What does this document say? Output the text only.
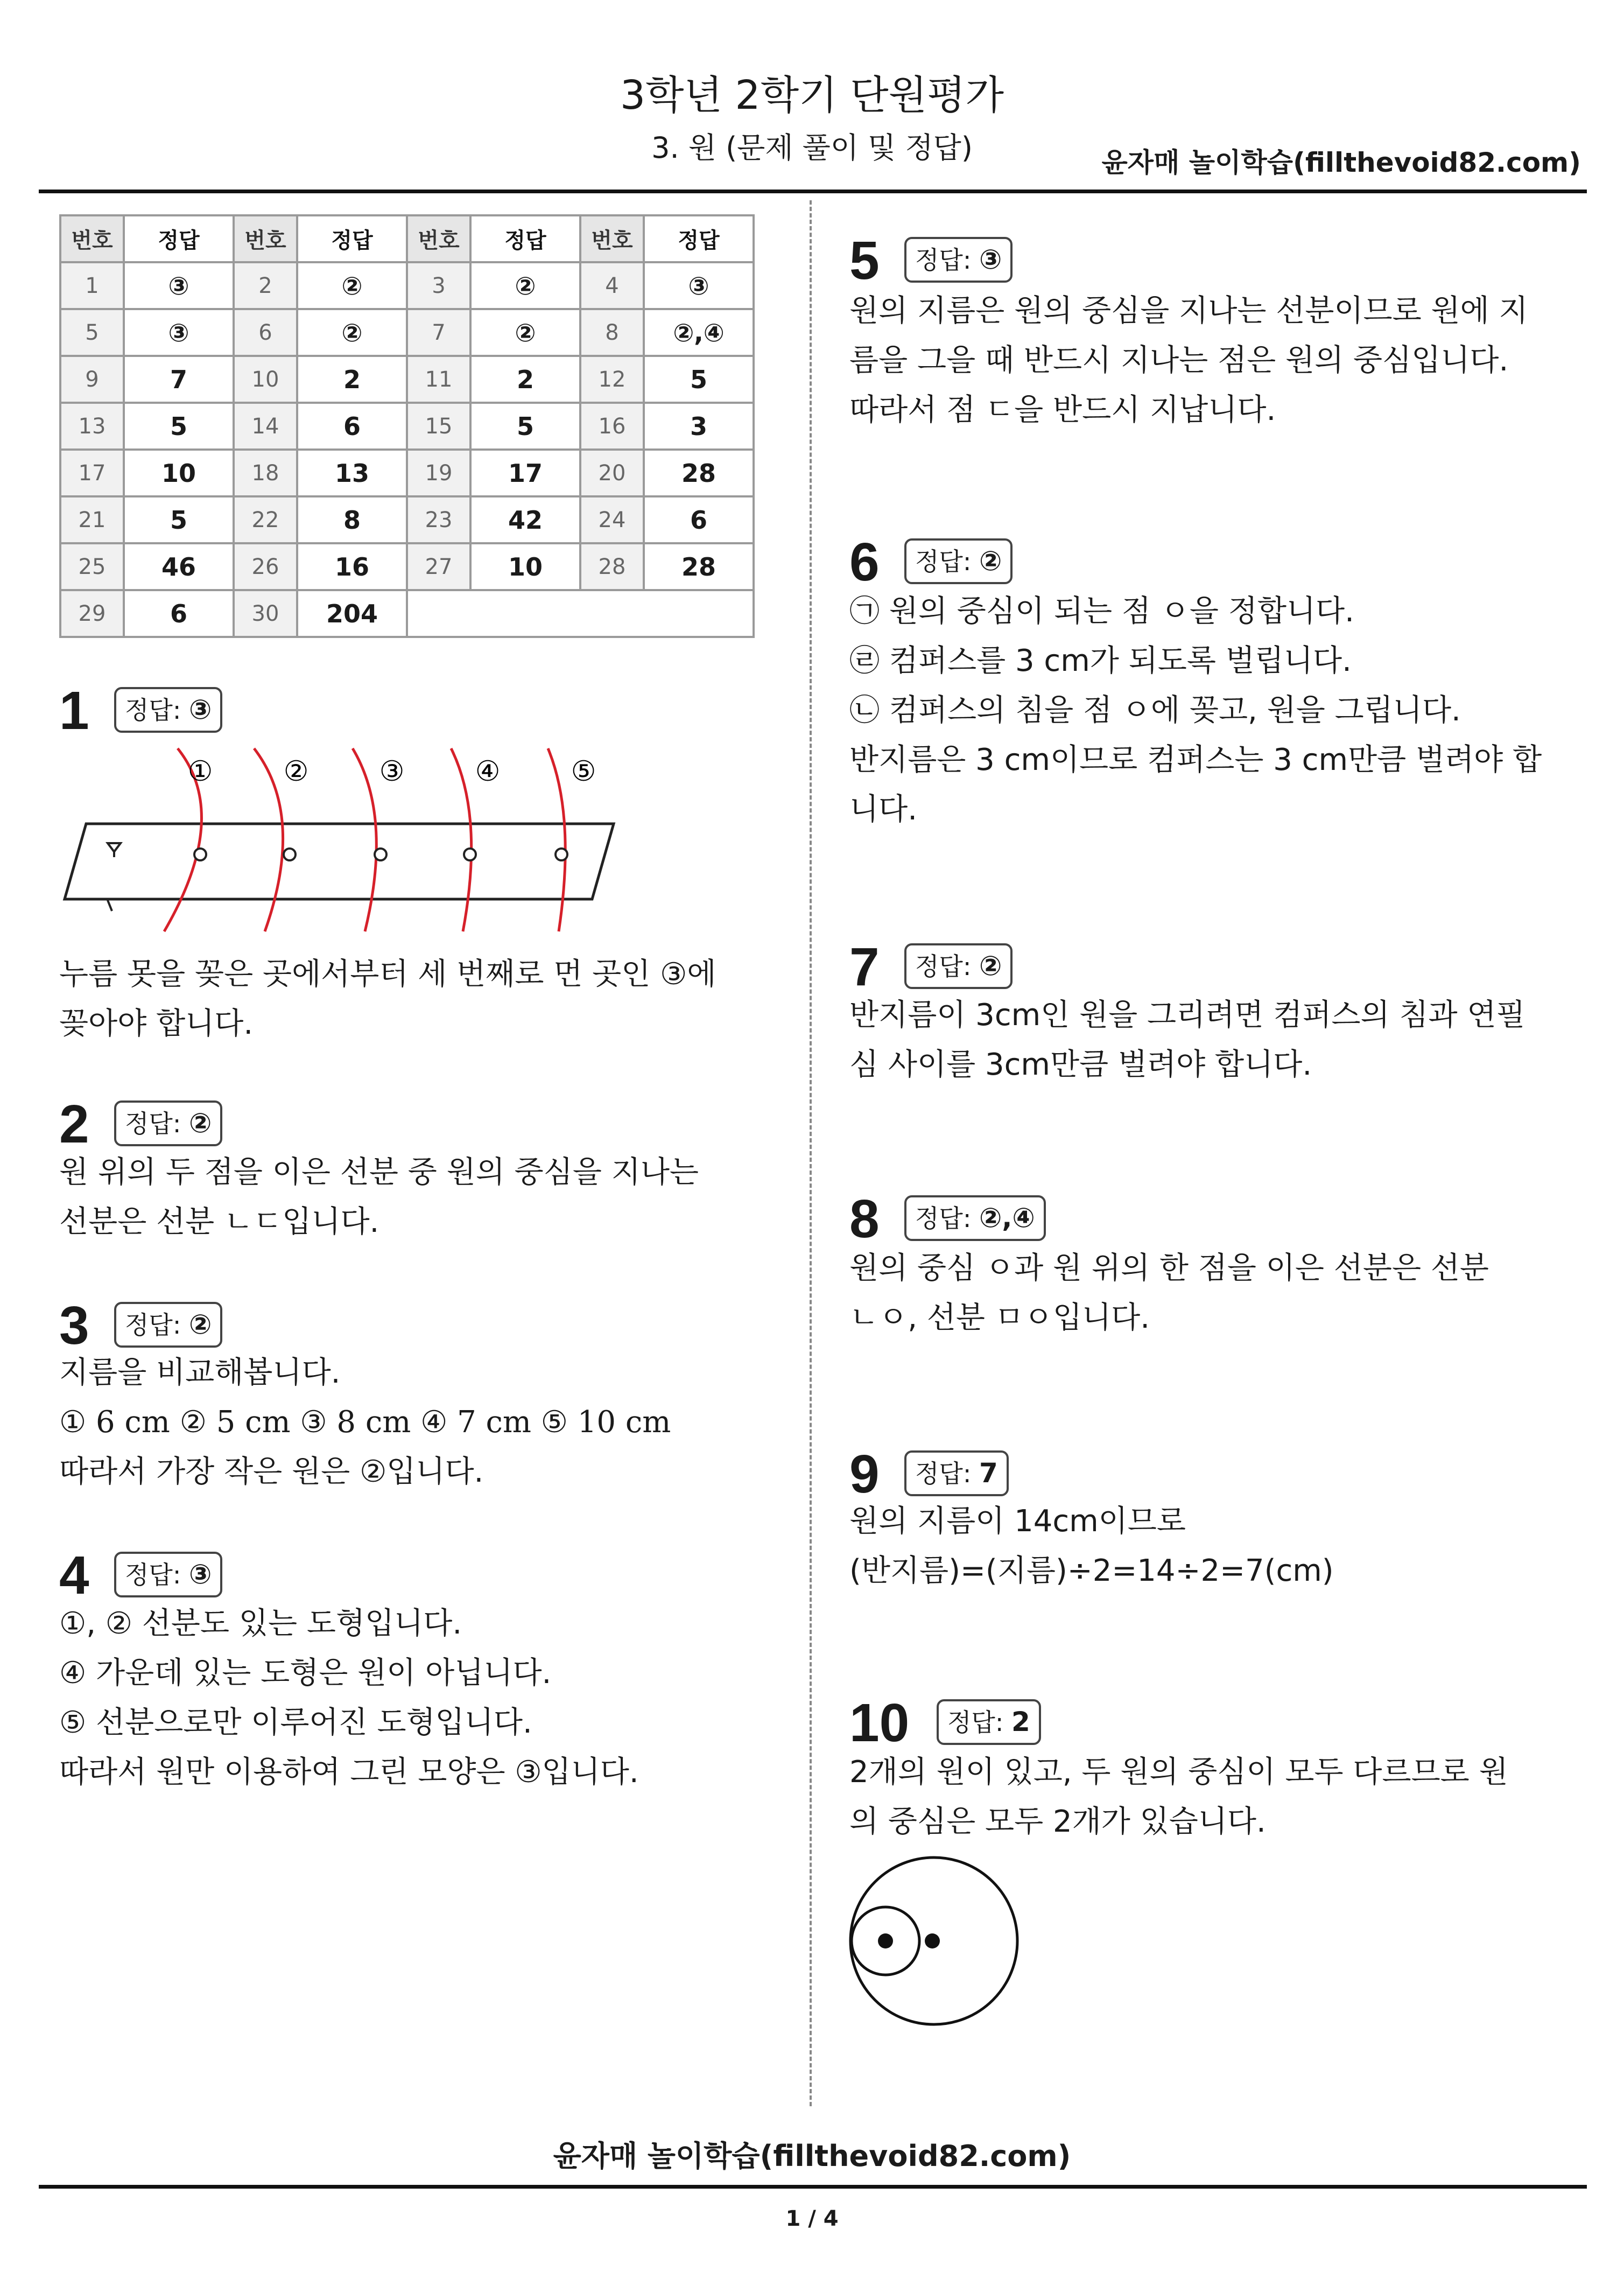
3학년 2학기 단원평가
3. 원 (문제 풀이 및 정답)	윤자매 놀이학습(fillthevoid82.com)
번호	정답	번호	정답	번호	정답	번호	정답
1	③	2	②	3	②	4	③
5	③	6	②	7	②	8	②,④
9	7	10	2	11	2	12	5
13	5	14	6	15	5	16	3
17	10	18	13	19	17	20	28
21	5	22	8	23	42	24	6
25	46	26	16	27	10	28	28
29	6	30	204				
1	정답: ③
①	②	③	④	⑤
누름 못을 꽂은 곳에서부터 세 번째로 먼 곳인 ③에
꽂아야 합니다.
2	정답: ②
원 위의 두 점을 이은 선분 중 원의 중심을 지나는
선분은 선분 ㄴㄷ입니다.
3	정답: ②
지름을 비교해봅니다.
① 6 cm ② 5 cm ③ 8 cm ④ 7 cm ⑤ 10 cm
따라서 가장 작은 원은 ②입니다.
4	정답: ③
①, ② 선분도 있는 도형입니다.
④ 가운데 있는 도형은 원이 아닙니다.
⑤ 선분으로만 이루어진 도형입니다.
따라서 원만 이용하여 그린 모양은 ③입니다.
5	정답: ③
원의 지름은 원의 중심을 지나는 선분이므로 원에 지
름을 그을 때 반드시 지나는 점은 원의 중심입니다.
따라서 점 ㄷ을 반드시 지납니다.
6	정답: ②
㉠ 원의 중심이 되는 점 ㅇ을 정합니다.
㉣ 컴퍼스를 3 cm가 되도록 벌립니다.
㉡ 컴퍼스의 침을 점 ㅇ에 꽂고, 원을 그립니다.
반지름은 3 cm이므로 컴퍼스는 3 cm만큼 벌려야 합
니다.
7	정답: ②
반지름이 3cm인 원을 그리려면 컴퍼스의 침과 연필
심 사이를 3cm만큼 벌려야 합니다.
8	정답: ②,④
원의 중심 ㅇ과 원 위의 한 점을 이은 선분은 선분
ㄴㅇ, 선분 ㅁㅇ입니다.
9	정답: 7
원의 지름이 14cm이므로
(반지름)=(지름)÷2=14÷2=7(cm)
10	정답: 2
2개의 원이 있고, 두 원의 중심이 모두 다르므로 원
의 중심은 모두 2개가 있습니다.
윤자매 놀이학습(fillthevoid82.com)
1 / 4
